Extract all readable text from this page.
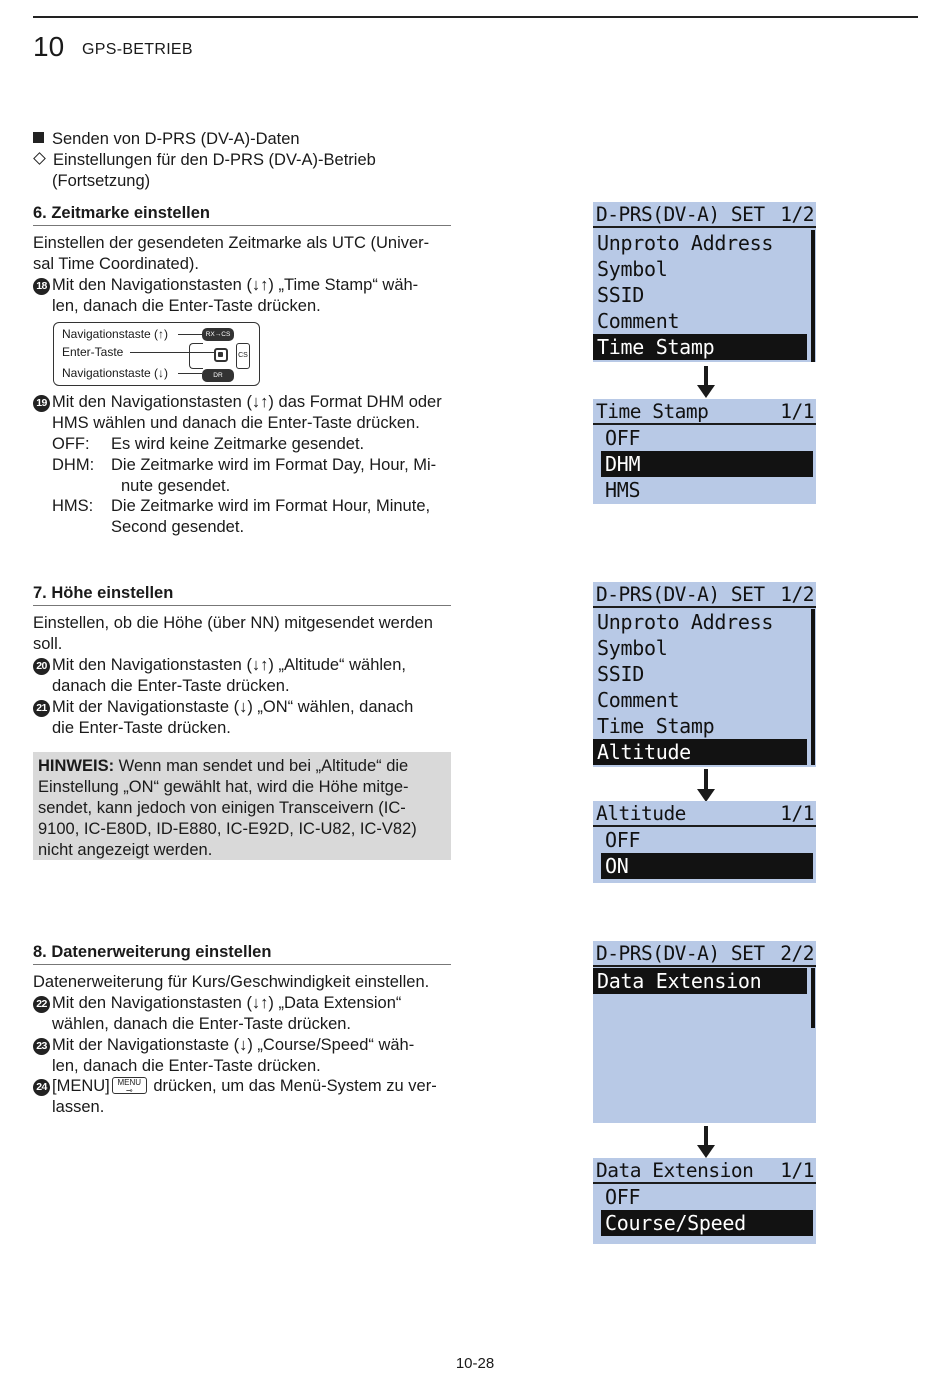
10 GPS-BETRIEB
Senden von D-PRS (DV-A)-Daten
Einstellungen für den D-PRS (DV-A)-Betrieb
(Fortsetzung)
6. Zeitmarke einstellen
Einstellen der gesendeten Zeitmarke als UTC (Univer-
sal Time Coordinated).
18 Mit den Navigationstasten (↓↑) „Time Stamp“ wäh-
len, danach die Enter-Taste drücken.
Navigationstaste (↑)
Enter-Taste
Navigationstaste (↓)
RX→CS
CS
DR
19 Mit den Navigationstasten (↓↑) das Format DHM oder
HMS wählen und danach die Enter-Taste drücken.
OFF: Es wird keine Zeitmarke gesendet.
DHM: Die Zeitmarke wird im Format Day, Hour, Mi-
nute gesendet.
HMS: Die Zeitmarke wird im Format Hour, Minute,
Second gesendet.
7. Höhe einstellen
Einstellen, ob die Höhe (über NN) mitgesendet werden
soll.
20 Mit den Navigationstasten (↓↑) „Altitude“ wählen,
danach die Enter-Taste drücken.
21 Mit der Navigationstaste (↓) „ON“ wählen, danach
die Enter-Taste drücken.
HINWEIS: Wenn man sendet und bei „Altitude“ die
Einstellung „ON“ gewählt hat, wird die Höhe mitge-
sendet, kann jedoch von einigen Transceivern (IC-
9100, IC-E80D, ID-E880, IC-E92D, IC-U82, IC-V82)
nicht angezeigt werden.
8. Datenerweiterung einstellen
Datenerweiterung für Kurs/Geschwindigkeit einstellen.
22 Mit den Navigationstasten (↓↑) „Data Extension“
wählen, danach die Enter-Taste drücken.
23 Mit der Navigationstaste (↓) „Course/Speed“ wäh-
len, danach die Enter-Taste drücken.
24 [MENU] MENU
⊸ drücken, um das Menü-System zu ver-
lassen.
D-PRS(DV-A) SET 1/2
Unproto Address
Symbol
SSID
Comment
Time Stamp
Time Stamp	1/1
OFF
DHM
HMS
D-PRS(DV-A) SET 1/2
Unproto Address
Symbol
SSID
Comment
Time Stamp
Altitude
Altitude	1/1
OFF
ON
D-PRS(DV-A) SET 2/2
Data Extension
Data Extension 1/1
OFF
Course/Speed
10-28
